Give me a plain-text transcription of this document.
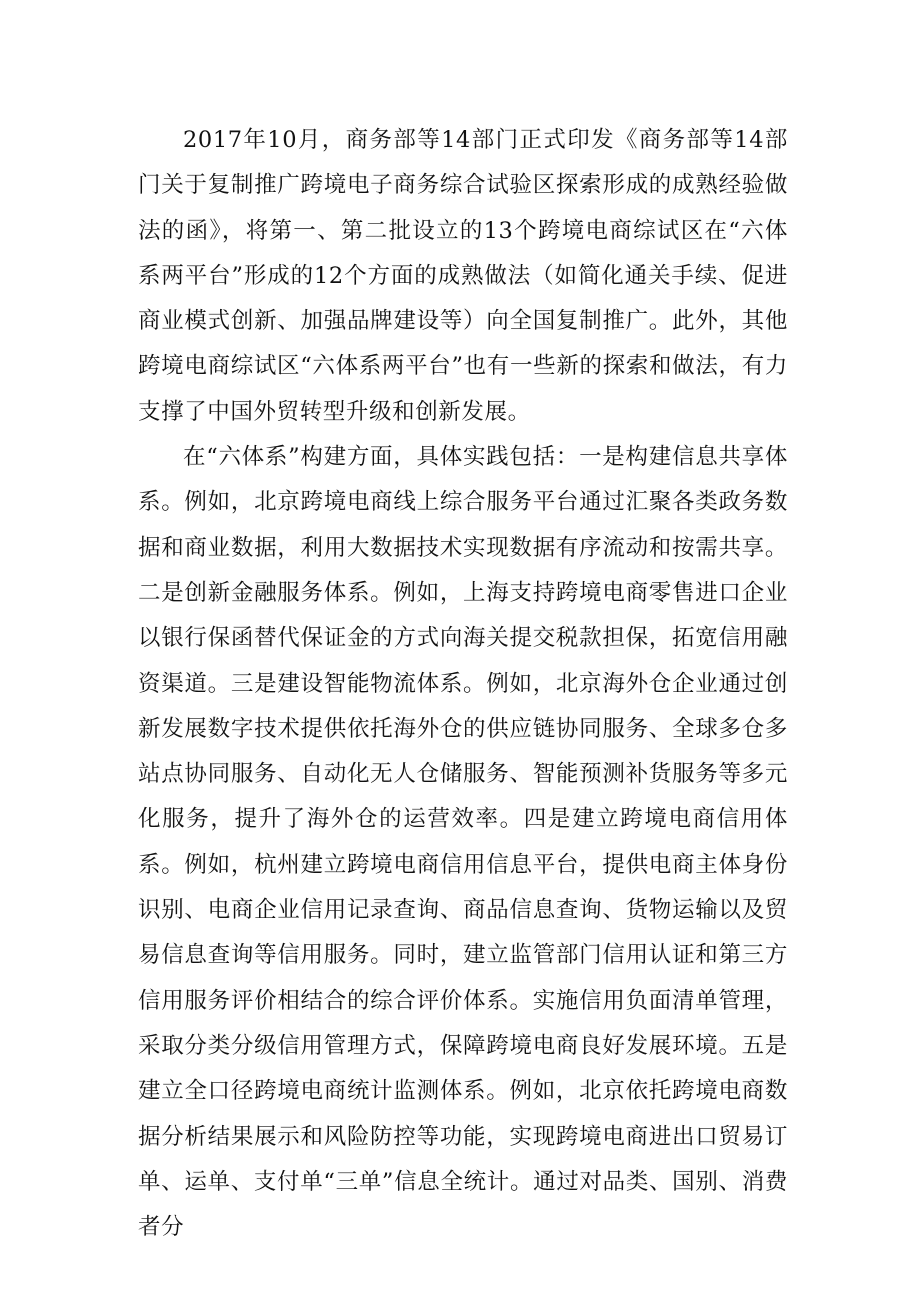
2017年10月，商务部等14部门正式印发《商务部等14部门关于复制推广跨境电子商务综合试验区探索形成的成熟经验做法的函》，将第一、第二批设立的13个跨境电商综试区在“六体系两平台”形成的12个方面的成熟做法（如简化通关手续、促进商业模式创新、加强品牌建设等）向全国复制推广。此外，其他跨境电商综试区“六体系两平台”也有一些新的探索和做法，有力支撑了中国外贸转型升级和创新发展。

在“六体系”构建方面，具体实践包括：一是构建信息共享体系。例如，北京跨境电商线上综合服务平台通过汇聚各类政务数据和商业数据，利用大数据技术实现数据有序流动和按需共享。二是创新金融服务体系。例如，上海支持跨境电商零售进口企业以银行保函替代保证金的方式向海关提交税款担保，拓宽信用融资渠道。三是建设智能物流体系。例如，北京海外仓企业通过创新发展数字技术提供依托海外仓的供应链协同服务、全球多仓多站点协同服务、自动化无人仓储服务、智能预测补货服务等多元化服务，提升了海外仓的运营效率。四是建立跨境电商信用体系。例如，杭州建立跨境电商信用信息平台，提供电商主体身份识别、电商企业信用记录查询、商品信息查询、货物运输以及贸易信息查询等信用服务。同时，建立监管部门信用认证和第三方信用服务评价相结合的综合评价体系。实施信用负面清单管理，采取分类分级信用管理方式，保障跨境电商良好发展环境。五是建立全口径跨境电商统计监测体系。例如，北京依托跨境电商数据分析结果展示和风险防控等功能，实现跨境电商进出口贸易订单、运单、支付单“三单”信息全统计。通过对品类、国别、消费者分
